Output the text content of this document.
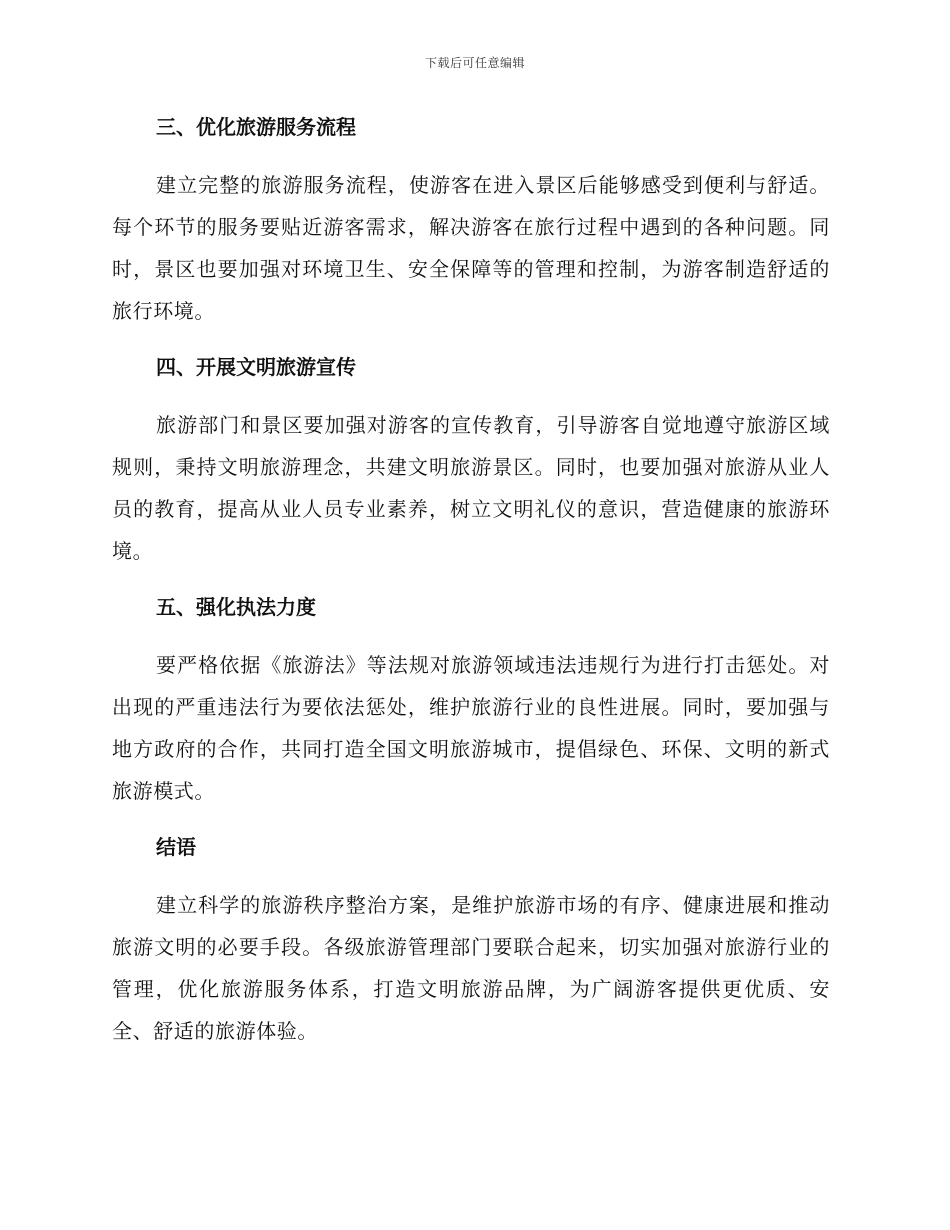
下载后可任意编辑
三、优化旅游服务流程

建立完整的旅游服务流程，使游客在进入景区后能够感受到便利与舒适。每个环节的服务要贴近游客需求，解决游客在旅行过程中遇到的各种问题。同时，景区也要加强对环境卫生、安全保障等的管理和控制，为游客制造舒适的旅行环境。

四、开展文明旅游宣传

旅游部门和景区要加强对游客的宣传教育，引导游客自觉地遵守旅游区域规则，秉持文明旅游理念，共建文明旅游景区。同时，也要加强对旅游从业人员的教育，提高从业人员专业素养，树立文明礼仪的意识，营造健康的旅游环境。

五、强化执法力度

要严格依据《旅游法》等法规对旅游领域违法违规行为进行打击惩处。对出现的严重违法行为要依法惩处，维护旅游行业的良性进展。同时，要加强与地方政府的合作，共同打造全国文明旅游城市，提倡绿色、环保、文明的新式旅游模式。

结语

建立科学的旅游秩序整治方案，是维护旅游市场的有序、健康进展和推动旅游文明的必要手段。各级旅游管理部门要联合起来，切实加强对旅游行业的管理，优化旅游服务体系，打造文明旅游品牌，为广阔游客提供更优质、安全、舒适的旅游体验。
